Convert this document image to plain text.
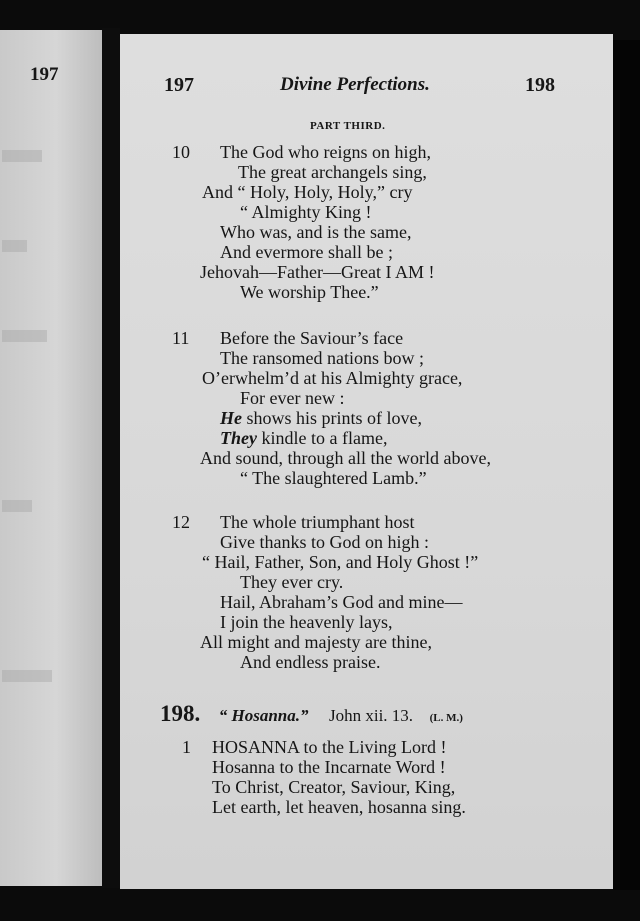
197	197	Divine Perfections.	198
PART THIRD.
10 The God who reigns on high,
The great archangels sing,
And “ Holy, Holy, Holy,” cry
“ Almighty King !
Who was, and is the same,
And evermore shall be ;
Jehovah—Father—Great I AM !
We worship Thee.”
11 Before the Saviour’s face
The ransomed nations bow ;
O’erwhelm’d at his Almighty grace,
For ever new :
He shows his prints of love,
They kindle to a flame,
And sound, through all the world above,
“ The slaughtered Lamb.”
12 The whole triumphant host
Give thanks to God on high :
“ Hail, Father, Son, and Holy Ghost !”
They ever cry.
Hail, Abraham’s God and mine—
I join the heavenly lays,
All might and majesty are thine,
And endless praise.
198. “ Hosanna.” John xii. 13. (L. M.)
1 HOSANNA to the Living Lord !
Hosanna to the Incarnate Word !
To Christ, Creator, Saviour, King,
Let earth, let heaven, hosanna sing.
